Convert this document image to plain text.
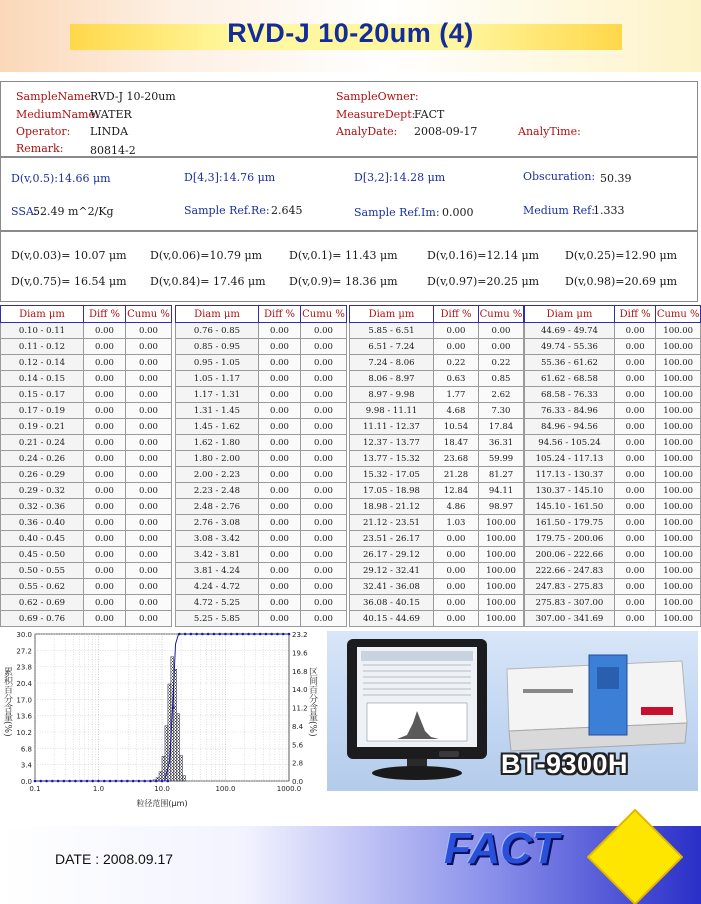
RVD-J 10-20um (4)
SampleName:
RVD-J 10-20um
MediumName:
WATER
Operator: LINDA
Remark: 80814-2
SampleOwner:
MeasureDept:
FACT
AnalyDate: 2008-09-17	AnalyTime:
D(v,0.5):14.66 μm	D[4,3]:14.76 μm	D[3,2]:14.28 μm	Obscuration: 50.39
SSA:
52.49 m^2/Kg	Sample Ref.Re: 2.645	Sample Ref.Im: 0.000	Medium Ref:
1.333
D(v,0.03)= 10.07 μm D(v,0.06)=10.79 μm D(v,0.1)= 11.43 μm	D(v,0.16)=12.14 μm D(v,0.25)=12.90 μm
D(v,0.75)= 16.54 μm D(v,0.84)= 17.46 μm D(v,0.9)= 18.36 μm	D(v,0.97)=20.25 μm D(v,0.98)=20.69 μm
Diam μm	Diff %	Cumu %
0.10 - 0.11	0.00	0.00
0.11 - 0.12	0.00	0.00
0.12 - 0.14	0.00	0.00
0.14 - 0.15	0.00	0.00
0.15 - 0.17	0.00	0.00
0.17 - 0.19	0.00	0.00
0.19 - 0.21	0.00	0.00
0.21 - 0.24	0.00	0.00
0.24 - 0.26	0.00	0.00
0.26 - 0.29	0.00	0.00
0.29 - 0.32	0.00	0.00
0.32 - 0.36	0.00	0.00
0.36 - 0.40	0.00	0.00
0.40 - 0.45	0.00	0.00
0.45 - 0.50	0.00	0.00
0.50 - 0.55	0.00	0.00
0.55 - 0.62	0.00	0.00
0.62 - 0.69	0.00	0.00
0.69 - 0.76	0.00	0.00
Diam μm	Diff %	Cumu %
0.76 - 0.85	0.00	0.00
0.85 - 0.95	0.00	0.00
0.95 - 1.05	0.00	0.00
1.05 - 1.17	0.00	0.00
1.17 - 1.31	0.00	0.00
1.31 - 1.45	0.00	0.00
1.45 - 1.62	0.00	0.00
1.62 - 1.80	0.00	0.00
1.80 - 2.00	0.00	0.00
2.00 - 2.23	0.00	0.00
2.23 - 2.48	0.00	0.00
2.48 - 2.76	0.00	0.00
2.76 - 3.08	0.00	0.00
3.08 - 3.42	0.00	0.00
3.42 - 3.81	0.00	0.00
3.81 - 4.24	0.00	0.00
4.24 - 4.72	0.00	0.00
4.72 - 5.25	0.00	0.00
5.25 - 5.85	0.00	0.00
Diam μm	Diff %	Cumu %
5.85 - 6.51	0.00	0.00
6.51 - 7.24	0.00	0.00
7.24 - 8.06	0.22	0.22
8.06 - 8.97	0.63	0.85
8.97 - 9.98	1.77	2.62
9.98 - 11.11	4.68	7.30
11.11 - 12.37	10.54	17.84
12.37 - 13.77	18.47	36.31
13.77 - 15.32	23.68	59.99
15.32 - 17.05	21.28	81.27
17.05 - 18.98	12.84	94.11
18.98 - 21.12	4.86	98.97
21.12 - 23.51	1.03	100.00
23.51 - 26.17	0.00	100.00
26.17 - 29.12	0.00	100.00
29.12 - 32.41	0.00	100.00
32.41 - 36.08	0.00	100.00
36.08 - 40.15	0.00	100.00
40.15 - 44.69	0.00	100.00
Diam μm	Diff %	Cumu %
44.69 - 49.74	0.00	100.00
49.74 - 55.36	0.00	100.00
55.36 - 61.62	0.00	100.00
61.62 - 68.58	0.00	100.00
68.58 - 76.33	0.00	100.00
76.33 - 84.96	0.00	100.00
84.96 - 94.56	0.00	100.00
94.56 - 105.24	0.00	100.00
105.24 - 117.13	0.00	100.00
117.13 - 130.37	0.00	100.00
130.37 - 145.10	0.00	100.00
145.10 - 161.50	0.00	100.00
161.50 - 179.75	0.00	100.00
179.75 - 200.06	0.00	100.00
200.06 - 222.66	0.00	100.00
222.66 - 247.83	0.00	100.00
247.83 - 275.83	0.00	100.00
275.83 - 307.00	0.00	100.00
307.00 - 341.69	0.00	100.00
0.0
3.4
6.8
10.2
13.6
17.0
20.4
23.8
27.2
30.0
0.0
2.8
5.6
8.4
11.2
14.0
16.8
19.6
23.2
0.1	1.0	10.0	100.0	1000.0
粒径范围(μm)
累积百分含量(%)	区间百分含量(%)
BT-9300H
DATE : 2008.09.17	FACT
